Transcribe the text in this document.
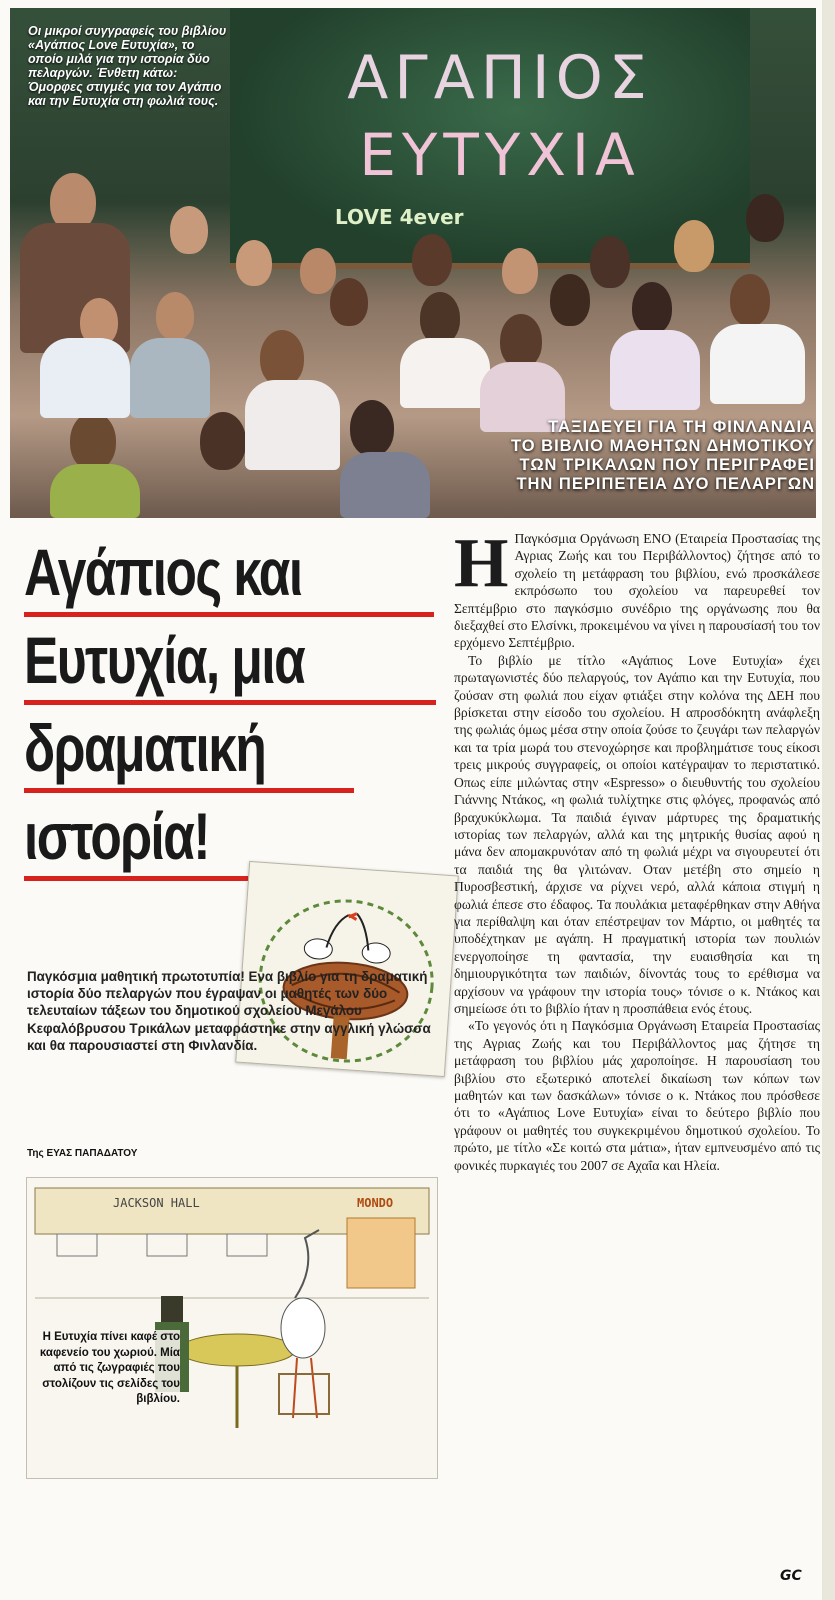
ΑΓΑΠΙΟΣ
ΕΥΤΥΧΙΑ
LOVE 4ever
Οι μικροί συγγραφείς του βιβλίου «Αγάπιος Love Ευτυχία», το οποίο μιλά για την ιστορία δύο πελαργών. Ένθετη κάτω: Όμορφες στιγμές για τον Αγάπιο και την Ευτυχία στη φωλιά τους.
ΤΑΞΙΔΕΥΕΙ ΓΙΑ ΤΗ ΦΙΝΛΑΝΔΙΑ
ΤΟ ΒΙΒΛΙΟ ΜΑΘΗΤΩΝ ΔΗΜΟΤΙΚΟΥ
ΤΩΝ ΤΡΙΚΑΛΩΝ ΠΟΥ ΠΕΡΙΓΡΑΦΕΙ
ΤΗΝ ΠΕΡΙΠΕΤΕΙΑ ΔΥΟ ΠΕΛΑΡΓΩΝ
Αγάπιος και
Ευτυχία, μια
δραματική
ιστορία!
Παγκόσμια μαθητική πρωτοτυπία! Ενα βιβλίο για τη δραματική ιστορία δύο πελαργών που έγραψαν οι μαθητές των δύο τελευταίων τάξεων του δημοτικού σχολείου Μεγάλου Κεφαλόβρυσου Τρικάλων μεταφράστηκε στην αγγλική γλώσσα και θα παρουσιαστεί στη Φινλανδία.
Της ΕΥΑΣ ΠΑΠΑΔΑΤΟΥ
JACKSON HALL	MONDO
Η Ευτυχία πίνει καφέ στο καφενείο του χωριού. Μία από τις ζωγραφιές που στολίζουν τις σελίδες του βιβλίου.

Η Παγκόσμια Οργάνωση ΕΝΟ (Εταιρεία Προστασίας της Αγριας Ζωής και του Περιβάλλοντος) ζήτησε από το σχολείο τη μετάφραση του βιβλίου, ενώ προσκάλεσε εκπρόσωπο του σχολείου να παρευρεθεί τον Σεπτέμβριο στο παγκόσμιο συνέδριο της οργάνωσης που θα διεξαχθεί στο Ελσίνκι, προκειμένου να γίνει η παρουσίασή του τον ερχόμενο Σεπτέμβριο.

Το βιβλίο με τίτλο «Αγάπιος Love Ευτυχία» έχει πρωταγωνιστές δύο πελαργούς, τον Αγάπιο και την Ευτυχία, που ζούσαν στη φωλιά που είχαν φτιάξει στην κολόνα της ΔΕΗ που βρίσκεται στην είσοδο του σχολείου. Η απροσδόκητη ανάφλεξη της φωλιάς όμως μέσα στην οποία ζούσε το ζευγάρι των πελαργών και τα τρία μωρά του στενοχώρησε και προβλημάτισε τους είκοσι τρεις μικρούς συγγραφείς, οι οποίοι κατέγραψαν το περιστατικό. Οπως είπε μιλώντας στην «Espresso» ο διευθυντής του σχολείου Γιάννης Ντάκος, «η φωλιά τυλίχτηκε στις φλόγες, προφανώς από βραχυκύκλωμα. Τα παιδιά έγιναν μάρτυρες της δραματικής ιστορίας των πελαργών, αλλά και της μητρικής θυσίας αφού η μάνα δεν απομακρυνόταν από τη φωλιά μέχρι να σιγουρευτεί ότι τα παιδιά της θα γλιτώναν. Οταν μετέβη στο σημείο η Πυροσβεστική, άρχισε να ρίχνει νερό, αλλά κάποια στιγμή η φωλιά έπεσε στο έδαφος. Τα πουλάκια μεταφέρθηκαν στην Αθήνα για περίθαλψη και όταν επέστρεψαν τον Μάρτιο, οι μαθητές τα υποδέχτηκαν με αγάπη. Η πραγματική ιστορία των πουλιών ενεργοποίησε τη φαντασία, την ευαισθησία και τη δημιουργικότητα των παιδιών, δίνοντάς τους το ερέθισμα να αρχίσουν να γράφουν την ιστορία τους» τόνισε ο κ. Ντάκος και σημείωσε ότι το βιβλίο ήταν η προσπάθεια ενός έτους.

«Το γεγονός ότι η Παγκόσμια Οργάνωση Εταιρεία Προστασίας της Αγριας Ζωής και του Περιβάλλοντος μας ζήτησε τη μετάφραση του βιβλίου μάς χαροποίησε. Η παρουσίαση του βιβλίου στο εξωτερικό αποτελεί δικαίωση των κόπων των μαθητών και των δασκάλων» τόνισε ο κ. Ντάκος που πρόσθεσε ότι το «Αγάπιος Love Ευτυχία» είναι το δεύτερο βιβλίο που γράφουν οι μαθητές του συγκεκριμένου δημοτικού σχολείου. Το πρώτο, με τίτλο «Σε κοιτώ στα μάτια», ήταν εμπνευσμένο από τις φονικές πυρκαγιές του 2007 σε Αχαΐα και Ηλεία.

GC
